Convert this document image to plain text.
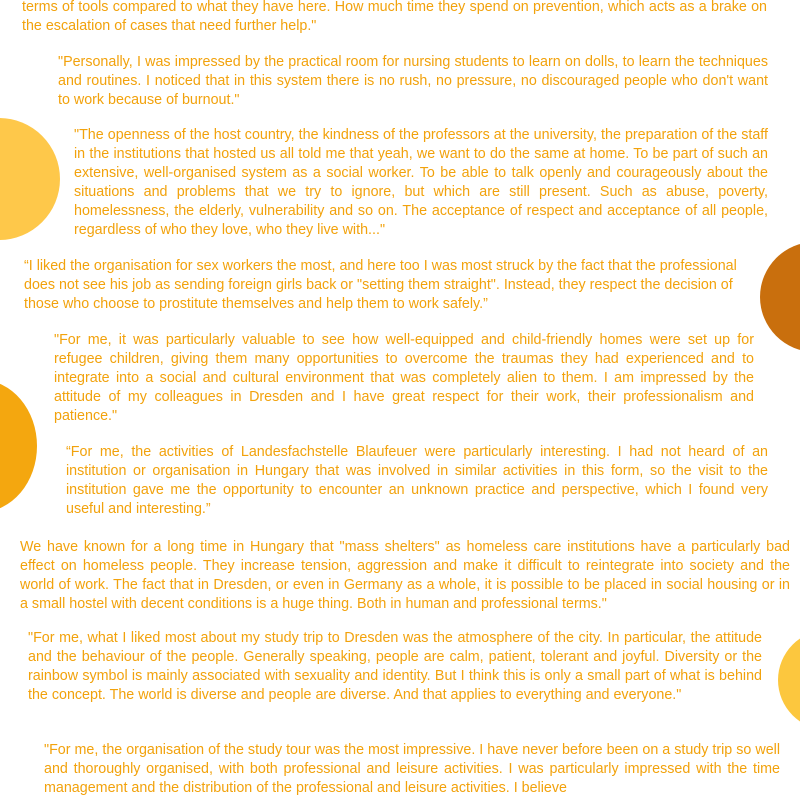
terms of tools compared to what they have here. How much time they spend on prevention, which acts as a brake on the escalation of cases that need further help."

"Personally, I was impressed by the practical room for nursing students to learn on dolls, to learn the techniques and routines. I noticed that in this system there is no rush, no pressure, no discouraged people who don't want to work because of burnout."

"The openness of the host country, the kindness of the professors at the university, the preparation of the staff in the institutions that hosted us all told me that yeah, we want to do the same at home. To be part of such an extensive, well-organised system as a social worker. To be able to talk openly and courageously about the situations and problems that we try to ignore, but which are still present. Such as abuse, poverty, homelessness, the elderly, vulnerability and so on. The acceptance of respect and acceptance of all people, regardless of who they love, who they live with..."

“I liked the organisation for sex workers the most, and here too I was most struck by the fact that the professional does not see his job as sending foreign girls back or "setting them straight". Instead, they respect the decision of those who choose to prostitute themselves and help them to work safely.”

"For me, it was particularly valuable to see how well-equipped and child-friendly homes were set up for refugee children, giving them many opportunities to overcome the traumas they had experienced and to integrate into a social and cultural environment that was completely alien to them. I am impressed by the attitude of my colleagues in Dresden and I have great respect for their work, their professionalism and patience."

“For me, the activities of Landesfachstelle Blaufeuer were particularly interesting. I had not heard of an institution or organisation in Hungary that was involved in similar activities in this form, so the visit to the institution gave me the opportunity to encounter an unknown practice and perspective, which I found very useful and interesting.”

We have known for a long time in Hungary that "mass shelters" as homeless care institutions have a particularly bad effect on homeless people. They increase tension, aggression and make it difficult to reintegrate into society and the world of work. The fact that in Dresden, or even in Germany as a whole, it is possible to be placed in social housing or in a small hostel with decent conditions is a huge thing. Both in human and professional terms."

"For me, what I liked most about my study trip to Dresden was the atmosphere of the city. In particular, the attitude and the behaviour of the people. Generally speaking, people are calm, patient, tolerant and joyful. Diversity or the rainbow symbol is mainly associated with sexuality and identity. But I think this is only a small part of what is behind the concept. The world is diverse and people are diverse. And that applies to everything and everyone."

"For me, the organisation of the study tour was the most impressive. I have never before been on a study trip so well and thoroughly organised, with both professional and leisure activities. I was particularly impressed with the time management and the distribution of the professional and leisure activities. I believe
